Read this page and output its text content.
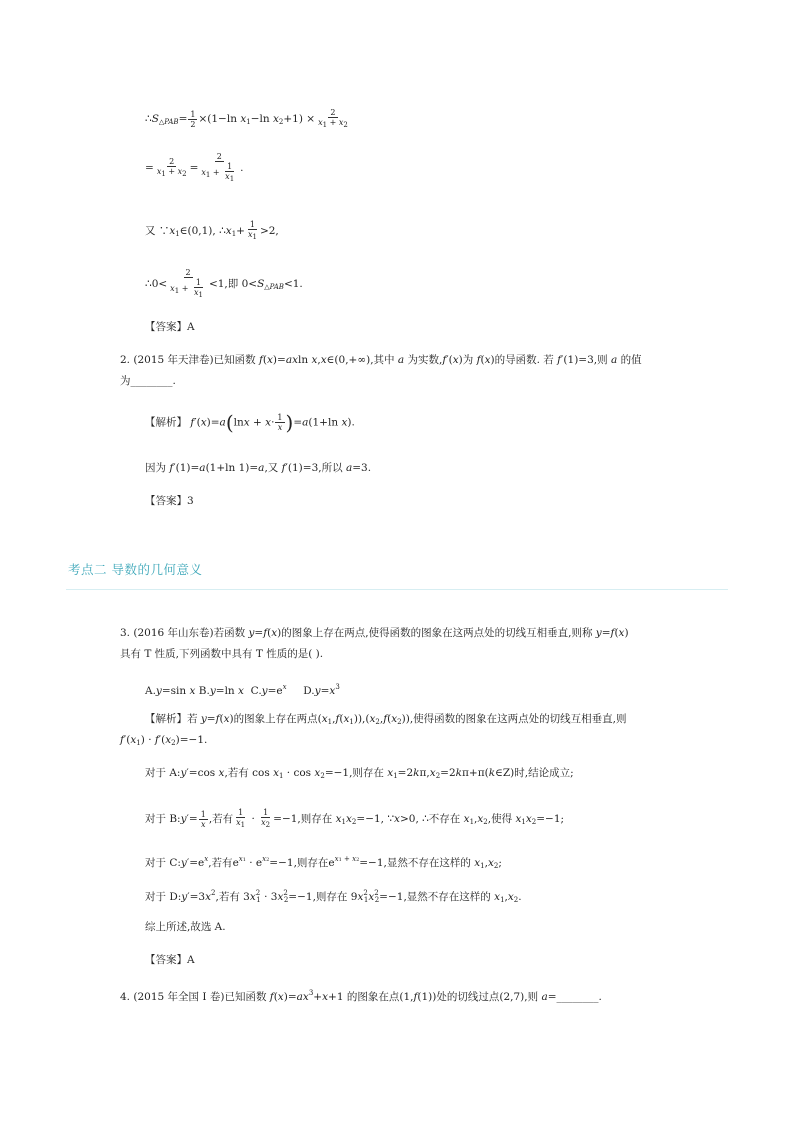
$\therefore S_{\triangle PAB}= \frac{1}{2} \times(1-\ln$ $x_1-\ln$ $x_2+1) \times \frac{2}{x1 + x2}$
= $\frac{2}{x1 + x2} = \frac{2}{x1 + \frac{1}{x1}}$ .
又 $\because x_1\in(0,1)$, $\therefore x_1+ \frac{1}{x1} >2$,
∴0< $\frac{2}{x1 + \frac{1}{x1}} <1$,即 $0<S_{\triangle PAB}<1$.
【答案】A
2. (2015 年天津卷)已知函数 f(x)=axln x,x∈(0,+∞),其中 a 为实数,f′(x)为 f(x)的导函数. 若 f′(1)=3,则 a 的值
为________.
【解析】 $f'(x)=a(\ln x + x\cdot \frac{1}{x} )=a(1+\ln$ x).
因为 f′(1)=a(1+ln 1)=a,又 f′(1)=3,所以 a=3.
【答案】3
考点二 导数的几何意义
3. (2016 年山东卷)若函数 y=f(x)的图象上存在两点,使得函数的图象在这两点处的切线互相垂直,则称 y=f(x)
具有 T 性质,下列函数中具有 T 性质的是( ).
A.y=sin x B.y=ln x $C.y=e^x$ $D.y=x^3$
【解析】若 y=f(x)的图象上存在两点$(x_1,f(x_1)),(x_2,f(x_2))$,使得函数的图象在这两点处的切线互相垂直,则
$f'(x_1) \cdot f'(x_2)=-1$.
对于 A:y′=cos x,若有 $\cos x_1 \cdot \cos x_2=-1$,则存在 $x_1=2k\pi,x_2=2k\pi+\pi(k\in Z)$时,结论成立;
对于 B:y′= $\frac{1}{x}$ ,若有 $\frac{1}{x1} \cdot \frac{1}{x2} =-1$,则存在 $x_1x_2=-1$, ∵x>0, ∴不存在 $x_1,x_2$,使得 $x_1x_2=-1$;
对于 $C:y'=e^x$,若有$e^{x1} \cdot e^{x2}=-1$,则存在$e^{x1 + x2}=-1$,显然不存在这样的 $x_1,x_2$;
对于 $D:y'=3x^2$,若有 $3x^2_1 \cdot 3x^2_2=-1$,则存在 $9x^2_1x^2_2=-1$,显然不存在这样的 $x_1,x_2$.
综上所述,故选 A.
【答案】A
4. (2015 年全国 Ⅰ 卷)已知函数 $f(x)=ax^3+x+1$ 的图象在点(1,f(1))处的切线过点(2,7),则 a=________.
